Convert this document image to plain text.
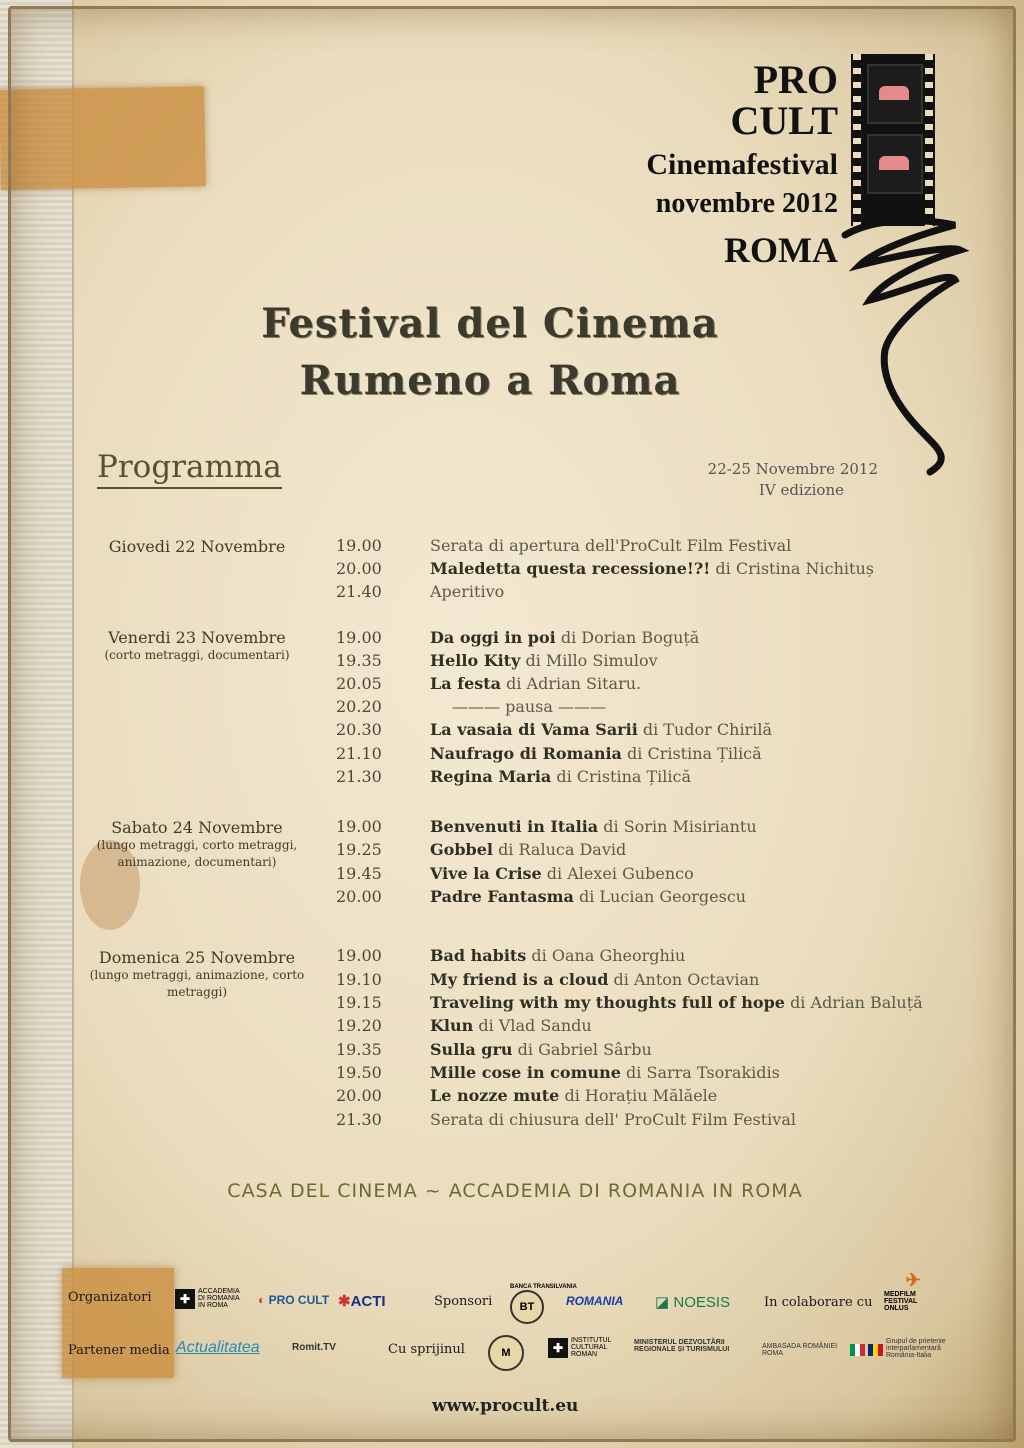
PRO
CULT
Cinemafestival
novembre 2012
ROMA
Festival del Cinema
Rumeno a Roma
Programma	22-25 Novembre 2012
IV edizione
Giovedi 22 Novembre	19.00	Serata di apertura dell'ProCult Film Festival
20.00	Maledetta questa recessione!?! di Cristina Nichituș
21.40	Aperitivo
Venerdi 23 Novembre
(corto metraggi, documentari)
19.00	Da oggi in poi di Dorian Boguță
19.35	Hello Kity di Millo Simulov
20.05	La festa di Adrian Sitaru.
20.20	——— pausa ———
20.30	La vasaia di Vama Sarii di Tudor Chirilă
21.10	Naufrago di Romania di Cristina Țilică
21.30	Regina Maria di Cristina Țilică
Sabato 24 Novembre
(lungo metraggi, corto metraggi, animazione, documentari)
19.00	Benvenuti in Italia di Sorin Misiriantu
19.25	Gobbel di Raluca David
19.45	Vive la Crise di Alexei Gubenco
20.00	Padre Fantasma di Lucian Georgescu
Domenica 25 Novembre
(lungo metraggi, animazione, corto metraggi)
19.00	Bad habits di Oana Gheorghiu
19.10	My friend is a cloud di Anton Octavian
19.15	Traveling with my thoughts full of hope di Adrian Baluță
19.20	Klun di Vlad Sandu
19.35	Sulla gru di Gabriel Sârbu
19.50	Mille cose in comune di Sarra Tsorakidis
20.00	Le nozze mute di Horațiu Mălăele
21.30	Serata di chiusura dell' ProCult Film Festival
CASA DEL CINEMA ~ ACCADEMIA DI ROMANIA IN ROMA
Organizatori	✚ ACCADEMIA DI ROMANIA IN ROMA	◐ PRO CULT ✱ACTI	Sponsori
BANCA TRANSILVANIA
BT	ROMANIA ◪ NOESIS	In colaborare cu
✈
MEDFILM FESTIVAL ONLUS
Partener media Actualitatea	Romit.TV	Cu sprijinul	M	✚ INSTITUTUL CULTURAL ROMAN
MINISTERUL DEZVOLTĂRII REGIONALE ȘI TURISMULUI	AMBASADA ROMÂNIEI ROMA

Grupul de prietenie interparlamentară România-Italia
www.procult.eu
